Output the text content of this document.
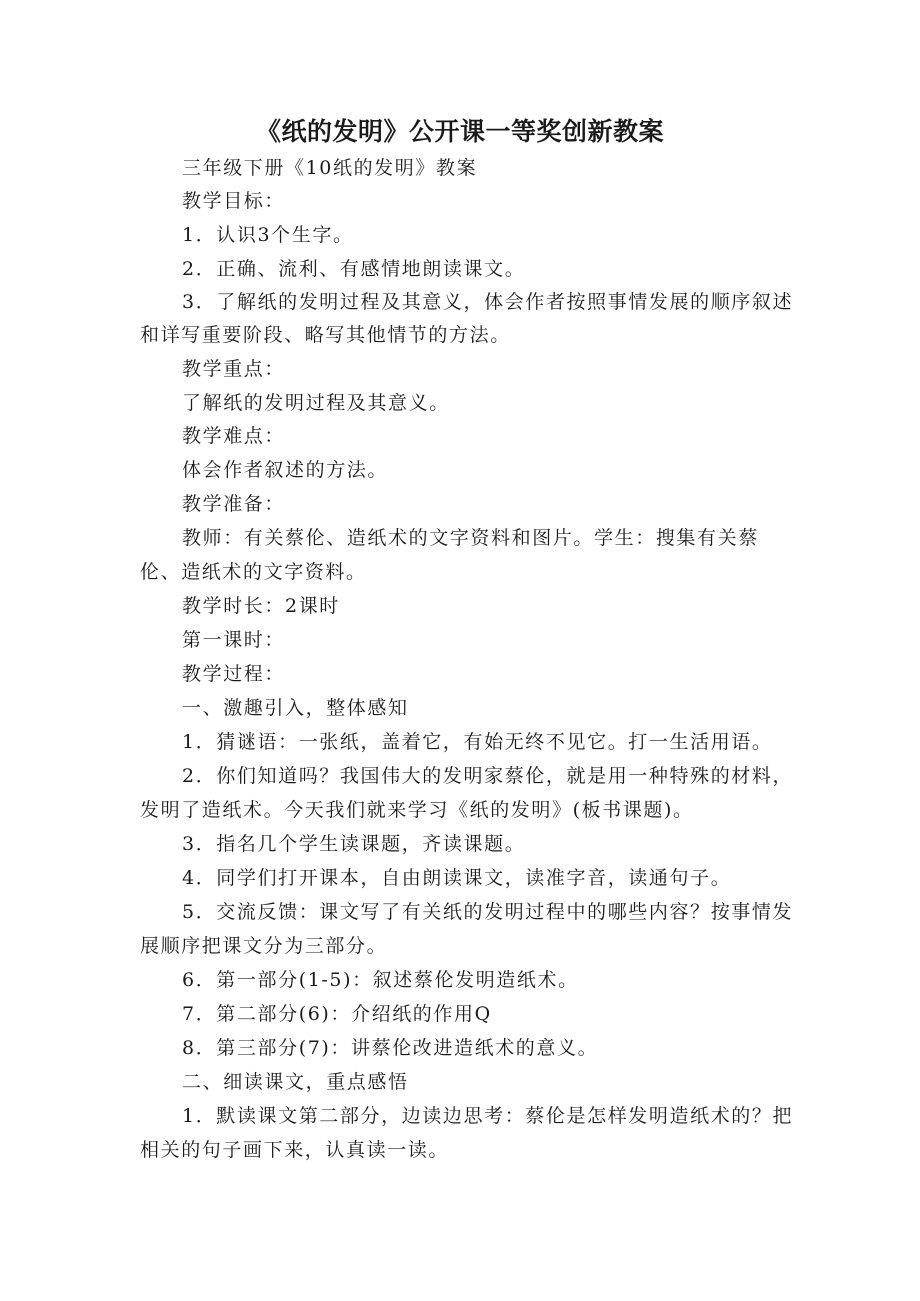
《纸的发明》公开课一等奖创新教案
三年级下册《10纸的发明》教案
教学目标：
1．认识3个生字。
2．正确、流利、有感情地朗读课文。
3．了解纸的发明过程及其意义，体会作者按照事情发展的顺序叙述
和详写重要阶段、略写其他情节的方法。
教学重点：
了解纸的发明过程及其意义。
教学难点：
体会作者叙述的方法。
教学准备：
教师：有关蔡伦、造纸术的文字资料和图片。学生：搜集有关蔡
伦、造纸术的文字资料。
教学时长：2课时
第一课时：
教学过程：
一、激趣引入，整体感知
1．猜谜语：一张纸，盖着它，有始无终不见它。打一生活用语。
2．你们知道吗？我国伟大的发明家蔡伦，就是用一种特殊的材料，
发明了造纸术。今天我们就来学习《纸的发明》(板书课题)。
3．指名几个学生读课题，齐读课题。
4．同学们打开课本，自由朗读课文，读准字音，读通句子。
5．交流反馈：课文写了有关纸的发明过程中的哪些内容？按事情发
展顺序把课文分为三部分。
6．第一部分(1-5)：叙述蔡伦发明造纸术。
7．第二部分(6)：介绍纸的作用Q
8．第三部分(7)：讲蔡伦改进造纸术的意义。
二、细读课文，重点感悟
1．默读课文第二部分，边读边思考：蔡伦是怎样发明造纸术的？把
相关的句子画下来，认真读一读。
